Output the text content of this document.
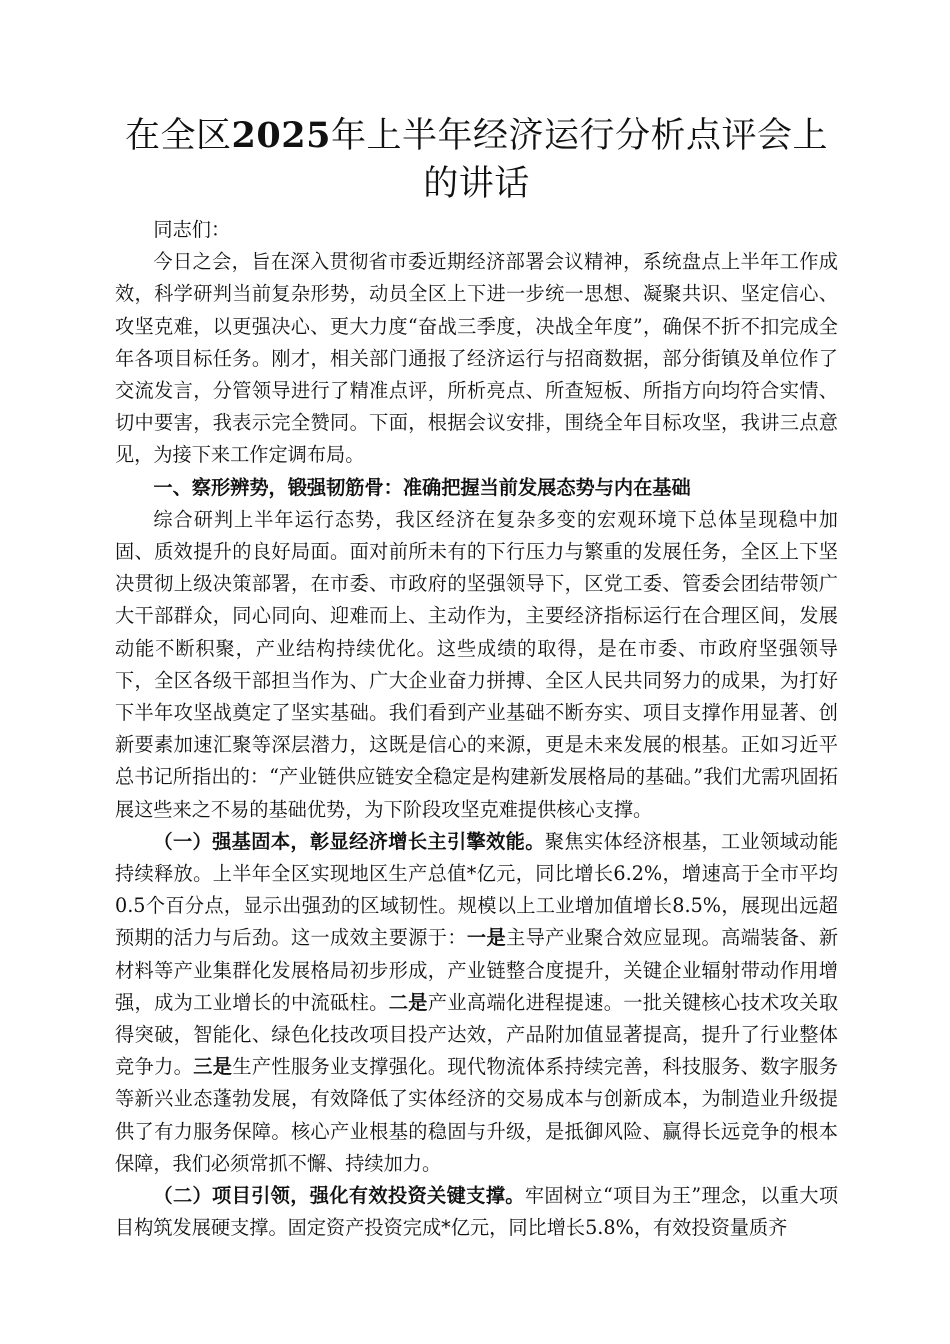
在全区2025年上半年经济运行分析点评会上的讲话

同志们：

今日之会，旨在深入贯彻省市委近期经济部署会议精神，系统盘点上半年工作成效，科学研判当前复杂形势，动员全区上下进一步统一思想、凝聚共识、坚定信心、攻坚克难，以更强决心、更大力度“奋战三季度，决战全年度”，确保不折不扣完成全年各项目标任务。刚才，相关部门通报了经济运行与招商数据，部分街镇及单位作了交流发言，分管领导进行了精准点评，所析亮点、所查短板、所指方向均符合实情、切中要害，我表示完全赞同。下面，根据会议安排，围绕全年目标攻坚，我讲三点意见，为接下来工作定调布局。

一、察形辨势，锻强韧筋骨：准确把握当前发展态势与内在基础

综合研判上半年运行态势，我区经济在复杂多变的宏观环境下总体呈现稳中加固、质效提升的良好局面。面对前所未有的下行压力与繁重的发展任务，全区上下坚决贯彻上级决策部署，在市委、市政府的坚强领导下，区党工委、管委会团结带领广大干部群众，同心同向、迎难而上、主动作为，主要经济指标运行在合理区间，发展动能不断积聚，产业结构持续优化。这些成绩的取得，是在市委、市政府坚强领导下，全区各级干部担当作为、广大企业奋力拼搏、全区人民共同努力的成果，为打好下半年攻坚战奠定了坚实基础。我们看到产业基础不断夯实、项目支撑作用显著、创新要素加速汇聚等深层潜力，这既是信心的来源，更是未来发展的根基。正如习近平总书记所指出的：“产业链供应链安全稳定是构建新发展格局的基础。”我们尤需巩固拓展这些来之不易的基础优势，为下阶段攻坚克难提供核心支撑。

（一）强基固本，彰显经济增长主引擎效能。聚焦实体经济根基，工业领域动能持续释放。上半年全区实现地区生产总值*亿元，同比增长6.2%，增速高于全市平均0.5个百分点，显示出强劲的区域韧性。规模以上工业增加值增长8.5%，展现出远超预期的活力与后劲。这一成效主要源于：一是主导产业聚合效应显现。高端装备、新材料等产业集群化发展格局初步形成，产业链整合度提升，关键企业辐射带动作用增强，成为工业增长的中流砥柱。二是产业高端化进程提速。一批关键核心技术攻关取得突破，智能化、绿色化技改项目投产达效，产品附加值显著提高，提升了行业整体竞争力。三是生产性服务业支撑强化。现代物流体系持续完善，科技服务、数字服务等新兴业态蓬勃发展，有效降低了实体经济的交易成本与创新成本，为制造业升级提供了有力服务保障。核心产业根基的稳固与升级，是抵御风险、赢得长远竞争的根本保障，我们必须常抓不懈、持续加力。

（二）项目引领，强化有效投资关键支撑。牢固树立“项目为王”理念，以重大项目构筑发展硬支撑。固定资产投资完成*亿元，同比增长5.8%，有效投资量质齐
